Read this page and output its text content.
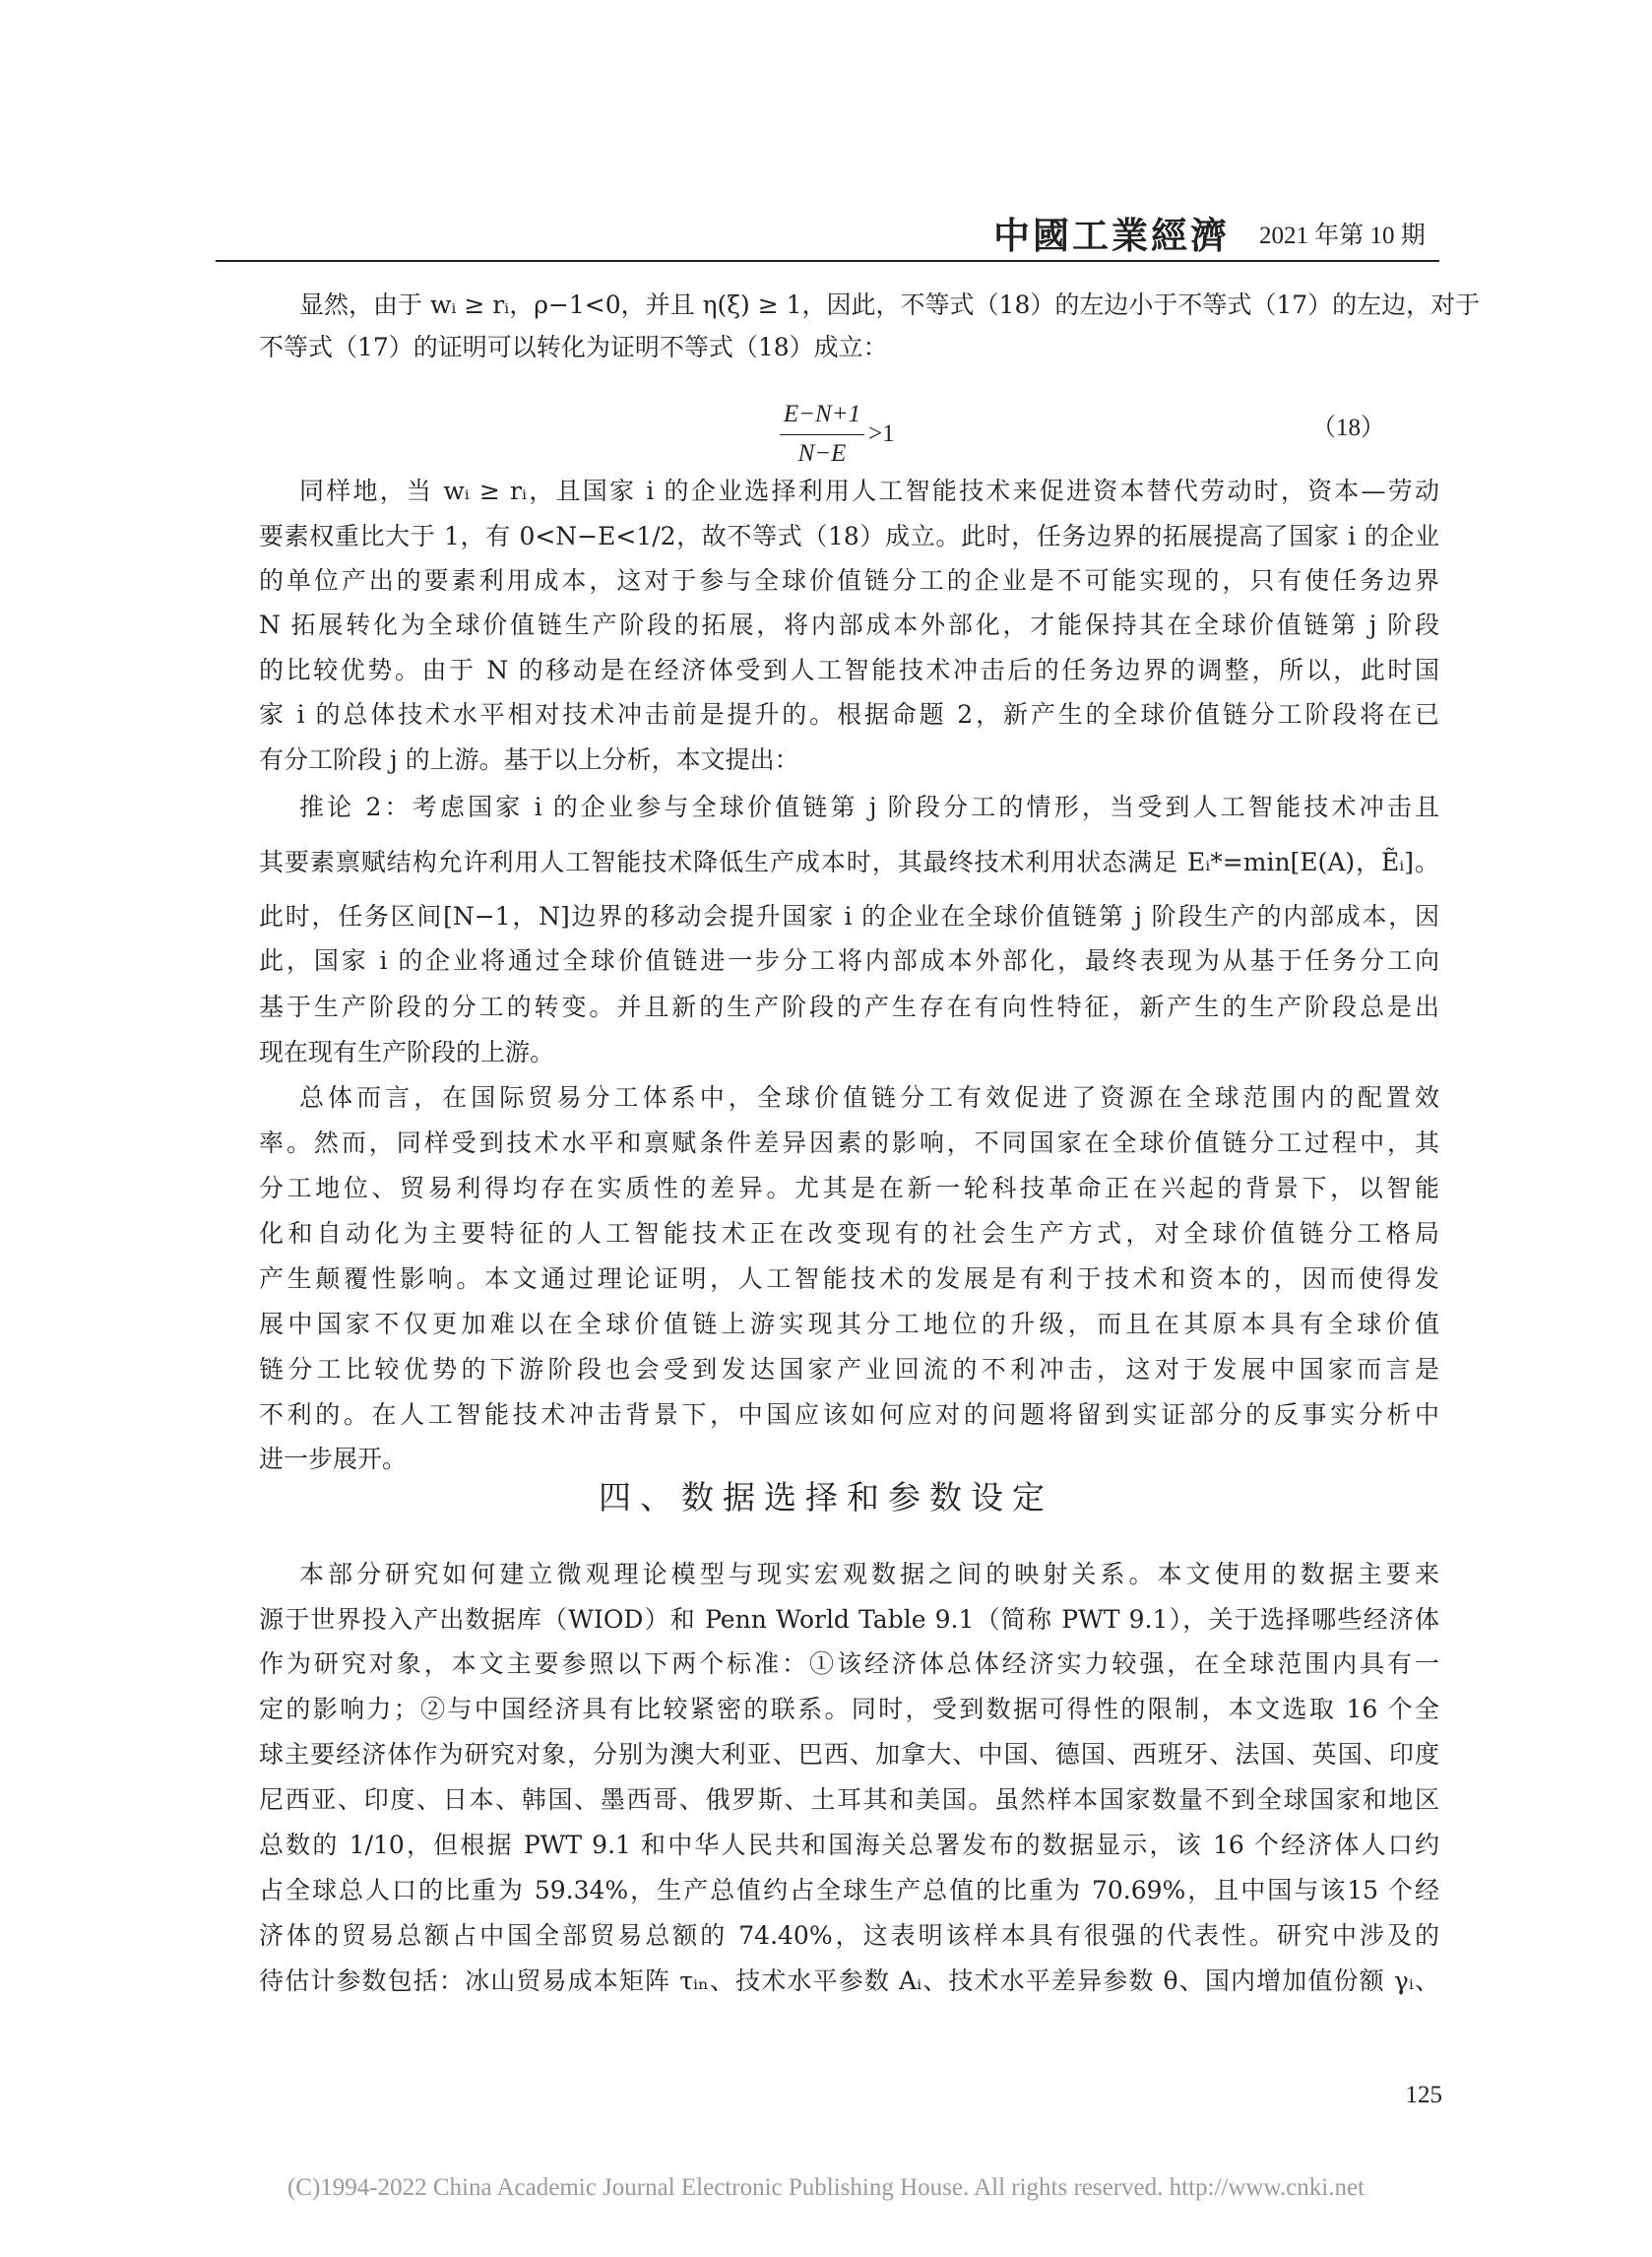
中國工業經濟 2021 年第 10 期
显然，由于 wᵢ ≥ rᵢ，ρ−1<0，并且 η(ξ) ≥ 1，因此，不等式（18）的左边小于不等式（17）的左边，对于
不等式（17）的证明可以转化为证明不等式（18）成立：
同样地，当 wᵢ ≥ rᵢ，且国家 i 的企业选择利用人工智能技术来促进资本替代劳动时，资本—劳动
要素权重比大于 1，有 0<N−E<1/2，故不等式（18）成立。此时，任务边界的拓展提高了国家 i 的企业
的单位产出的要素利用成本，这对于参与全球价值链分工的企业是不可能实现的，只有使任务边界
N 拓展转化为全球价值链生产阶段的拓展，将内部成本外部化，才能保持其在全球价值链第 j 阶段
的比较优势。由于 N 的移动是在经济体受到人工智能技术冲击后的任务边界的调整，所以，此时国
家 i 的总体技术水平相对技术冲击前是提升的。根据命题 2，新产生的全球价值链分工阶段将在已
有分工阶段 j 的上游。基于以上分析，本文提出：
推论 2：考虑国家 i 的企业参与全球价值链第 j 阶段分工的情形，当受到人工智能技术冲击且
其要素禀赋结构允许利用人工智能技术降低生产成本时，其最终技术利用状态满足 Eᵢ*=min[E(A)，Ẽᵢ]。
此时，任务区间[N−1，N]边界的移动会提升国家 i 的企业在全球价值链第 j 阶段生产的内部成本，因
此，国家 i 的企业将通过全球价值链进一步分工将内部成本外部化，最终表现为从基于任务分工向
基于生产阶段的分工的转变。并且新的生产阶段的产生存在有向性特征，新产生的生产阶段总是出
现在现有生产阶段的上游。
总体而言，在国际贸易分工体系中，全球价值链分工有效促进了资源在全球范围内的配置效
率。然而，同样受到技术水平和禀赋条件差异因素的影响，不同国家在全球价值链分工过程中，其
分工地位、贸易利得均存在实质性的差异。尤其是在新一轮科技革命正在兴起的背景下，以智能
化和自动化为主要特征的人工智能技术正在改变现有的社会生产方式，对全球价值链分工格局
产生颠覆性影响。本文通过理论证明，人工智能技术的发展是有利于技术和资本的，因而使得发
展中国家不仅更加难以在全球价值链上游实现其分工地位的升级，而且在其原本具有全球价值
链分工比较优势的下游阶段也会受到发达国家产业回流的不利冲击，这对于发展中国家而言是
不利的。在人工智能技术冲击背景下，中国应该如何应对的问题将留到实证部分的反事实分析中
进一步展开。
本部分研究如何建立微观理论模型与现实宏观数据之间的映射关系。本文使用的数据主要来
源于世界投入产出数据库（WIOD）和 Penn World Table 9.1（简称 PWT 9.1），关于选择哪些经济体
作为研究对象，本文主要参照以下两个标准：①该经济体总体经济实力较强，在全球范围内具有一
定的影响力；②与中国经济具有比较紧密的联系。同时，受到数据可得性的限制，本文选取 16 个全
球主要经济体作为研究对象，分别为澳大利亚、巴西、加拿大、中国、德国、西班牙、法国、英国、印度
尼西亚、印度、日本、韩国、墨西哥、俄罗斯、土耳其和美国。虽然样本国家数量不到全球国家和地区
总数的 1/10，但根据 PWT 9.1 和中华人民共和国海关总署发布的数据显示，该 16 个经济体人口约
占全球总人口的比重为 59.34%，生产总值约占全球生产总值的比重为 70.69%，且中国与该15 个经
济体的贸易总额占中国全部贸易总额的 74.40%，这表明该样本具有很强的代表性。研究中涉及的
待估计参数包括：冰山贸易成本矩阵 τᵢₙ、技术水平参数 Aᵢ、技术水平差异参数 θ、国内增加值份额 γᵢ、
E−N+1
N−E
>1	（18）
四、数据选择和参数设定
125
(C)1994-2022 China Academic Journal Electronic Publishing House. All rights reserved. http://www.cnki.net
